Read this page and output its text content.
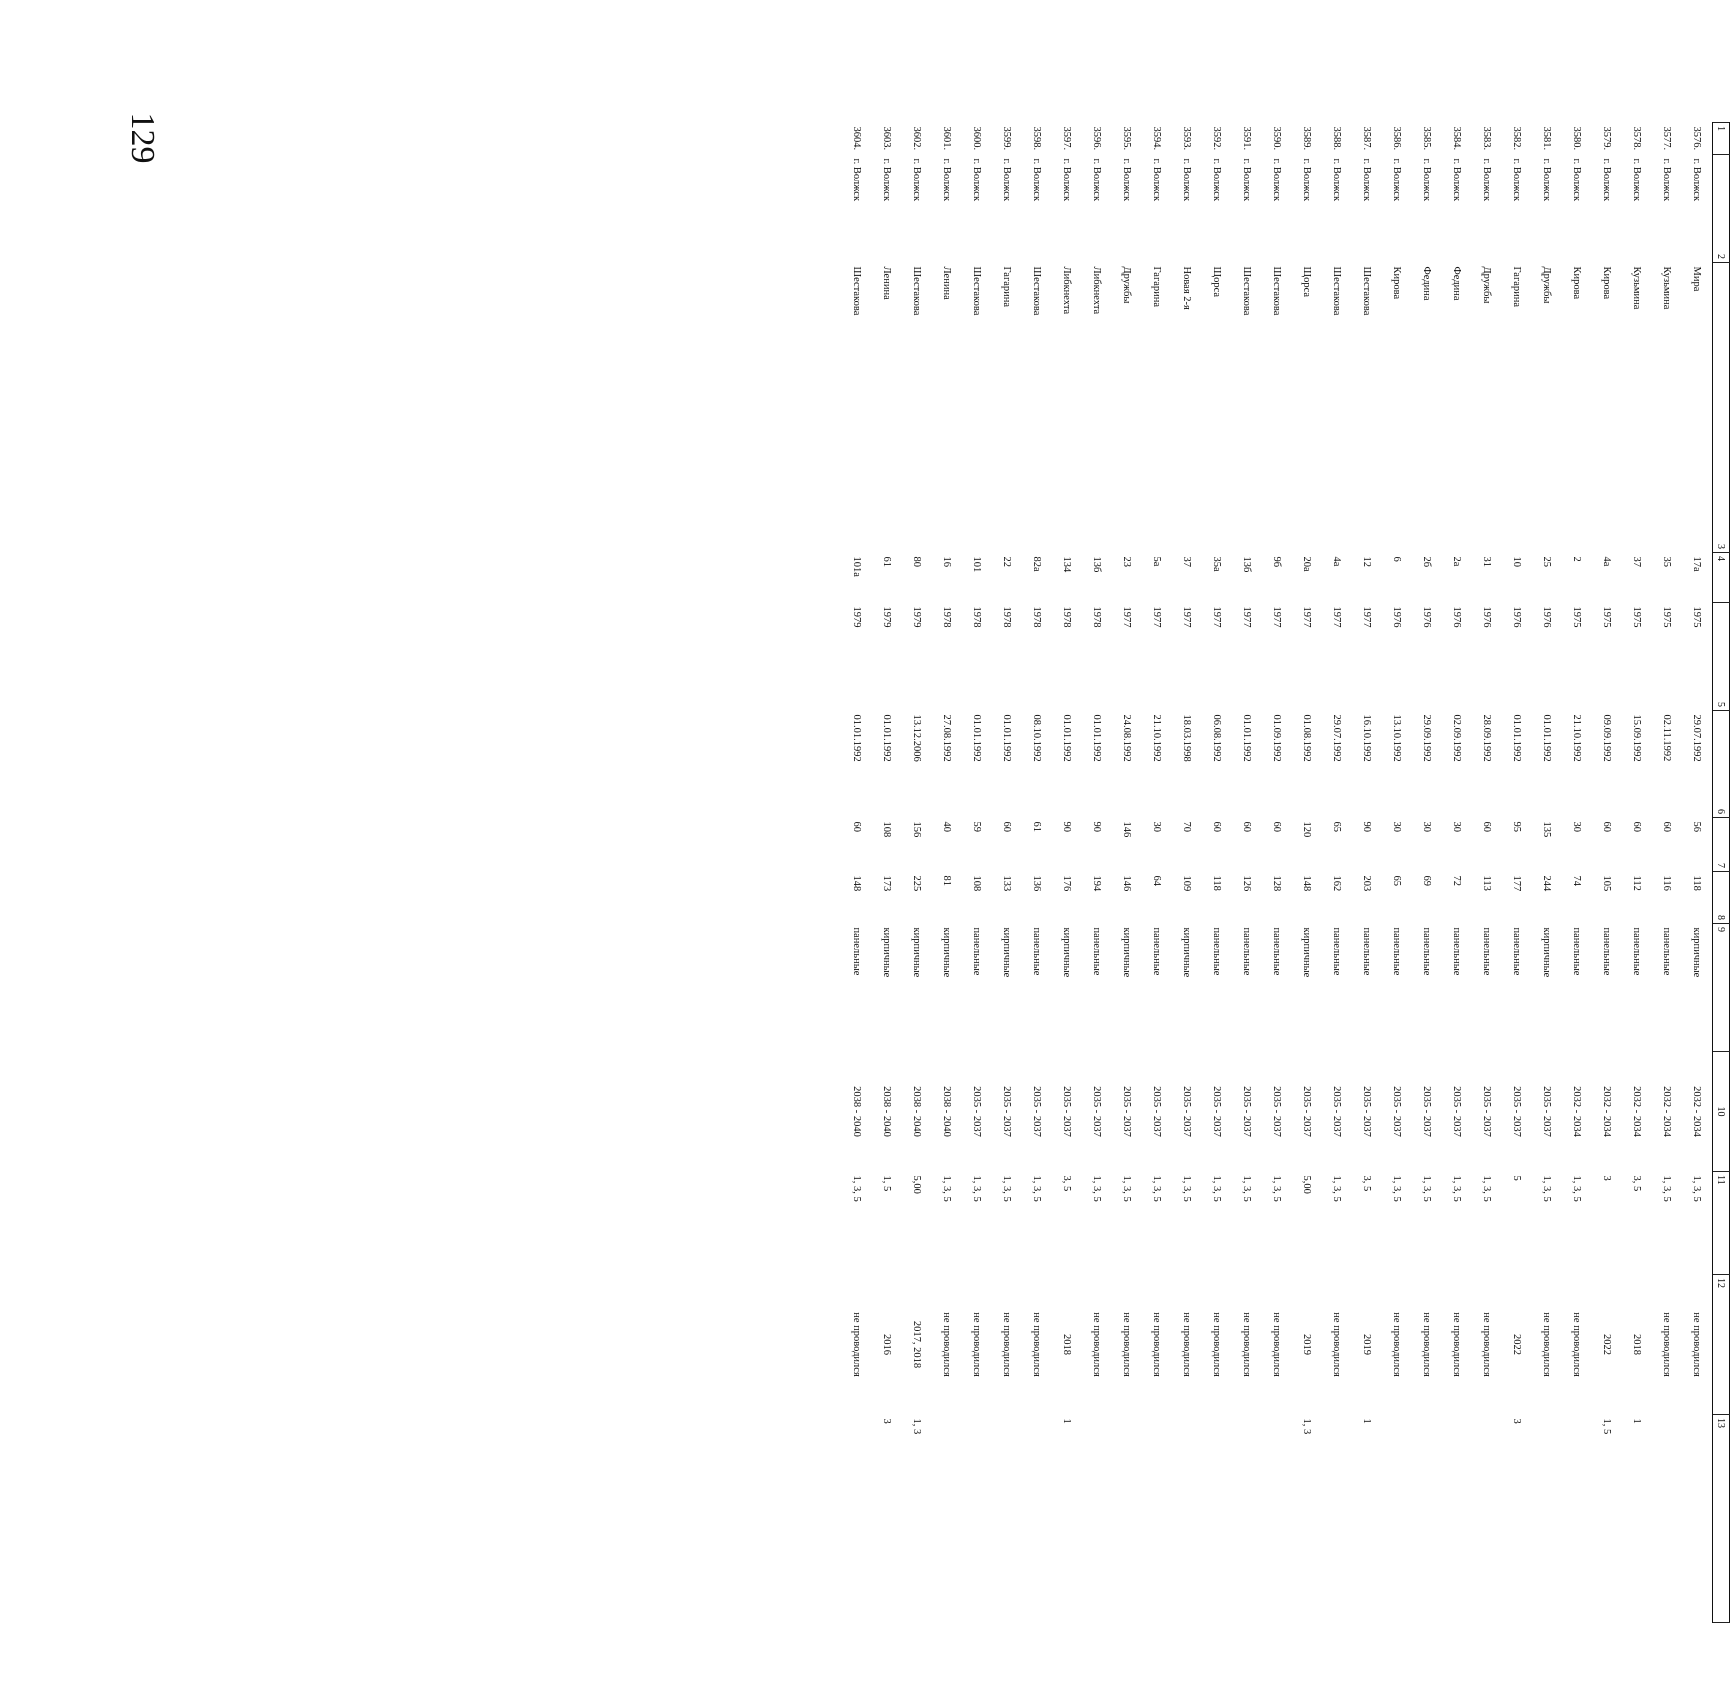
129	1	2	3	4	5	6	7	8	9	10	11	12	13
3576.	г. Волжск	Мира	17а	1975	29.07.1992	56	118	кирпичные	2032 - 2034	1, 3, 5	не проводился	
3577.	г. Волжск	Кузьмина	35	1975	02.11.1992	60	116	панельные	2032 - 2034	1, 3, 5	не проводился	
3578.	г. Волжск	Кузьмина	37	1975	15.09.1992	60	112	панельные	2032 - 2034	3, 5	2018	1
3579.	г. Волжск	Кирова	4а	1975	09.09.1992	60	105	панельные	2032 - 2034	3	2022	1, 5
3580.	г. Волжск	Кирова	2	1975	21.10.1992	30	74	панельные	2032 - 2034	1, 3, 5	не проводился	
3581.	г. Волжск	Дружбы	25	1976	01.01.1992	135	244	кирпичные	2035 - 2037	1, 3, 5	не проводился	
3582.	г. Волжск	Гагарина	10	1976	01.01.1992	95	177	панельные	2035 - 2037	5	2022	3
3583.	г. Волжск	Дружбы	31	1976	28.09.1992	60	113	панельные	2035 - 2037	1, 3, 5	не проводился	
3584.	г. Волжск	Федина	2а	1976	02.09.1992	30	72	панельные	2035 - 2037	1, 3, 5	не проводился	
3585.	г. Волжск	Федина	2б	1976	29.09.1992	30	69	панельные	2035 - 2037	1, 3, 5	не проводился	
3586.	г. Волжск	Кирова	6	1976	13.10.1992	30	65	панельные	2035 - 2037	1, 3, 5	не проводился	
3587.	г. Волжск	Шестакова	12	1977	16.10.1992	90	203	панельные	2035 - 2037	3, 5	2019	1
3588.	г. Волжск	Шестакова	4а	1977	29.07.1992	65	162	панельные	2035 - 2037	1, 3, 5	не проводился	
3589.	г. Волжск	Щорса	20а	1977	01.08.1992	120	148	кирпичные	2035 - 2037	5,00	2019	1, 3
3590.	г. Волжск	Шестакова	9б	1977	01.09.1992	60	128	панельные	2035 - 2037	1, 3, 5	не проводился	
3591.	г. Волжск	Шестакова	13б	1977	01.01.1992	60	126	панельные	2035 - 2037	1, 3, 5	не проводился	
3592.	г. Волжск	Щорса	35а	1977	06.08.1992	60	118	панельные	2035 - 2037	1, 3, 5	не проводился	
3593.	г. Волжск	Новая 2-я	37	1977	18.03.1998	70	109	кирпичные	2035 - 2037	1, 3, 5	не проводился	
3594.	г. Волжск	Гагарина	5а	1977	21.10.1992	30	64	панельные	2035 - 2037	1, 3, 5	не проводился	
3595.	г. Волжск	Дружбы	23	1977	24.08.1992	146	146	кирпичные	2035 - 2037	1, 3, 5	не проводился	
3596.	г. Волжск	Либкнехта	13б	1978	01.01.1992	90	194	панельные	2035 - 2037	1, 3, 5	не проводился	
3597.	г. Волжск	Либкнехта	134	1978	01.01.1992	90	176	кирпичные	2035 - 2037	3, 5	2018	1
3598.	г. Волжск	Шестакова	82а	1978	08.10.1992	61	136	панельные	2035 - 2037	1, 3, 5	не проводился	
3599.	г. Волжск	Гагарина	22	1978	01.01.1992	60	133	кирпичные	2035 - 2037	1, 3, 5	не проводился	
3600.	г. Волжск	Шестакова	101	1978	01.01.1992	59	108	панельные	2035 - 2037	1, 3, 5	не проводился	
3601.	г. Волжск	Ленина	16	1978	27.08.1992	40	81	кирпичные	2038 - 2040	1, 3, 5	не проводился	
3602.	г. Волжск	Шестакова	80	1979	13.12.2006	156	225	кирпичные	2038 - 2040	5,00	2017, 2018	1, 3
3603.	г. Волжск	Ленина	61	1979	01.01.1992	108	173	кирпичные	2038 - 2040	1, 5	2016	3
3604.	г. Волжск	Шестакова	101а	1979	01.01.1992	60	148	панельные	2038 - 2040	1, 3, 5	не проводился	
